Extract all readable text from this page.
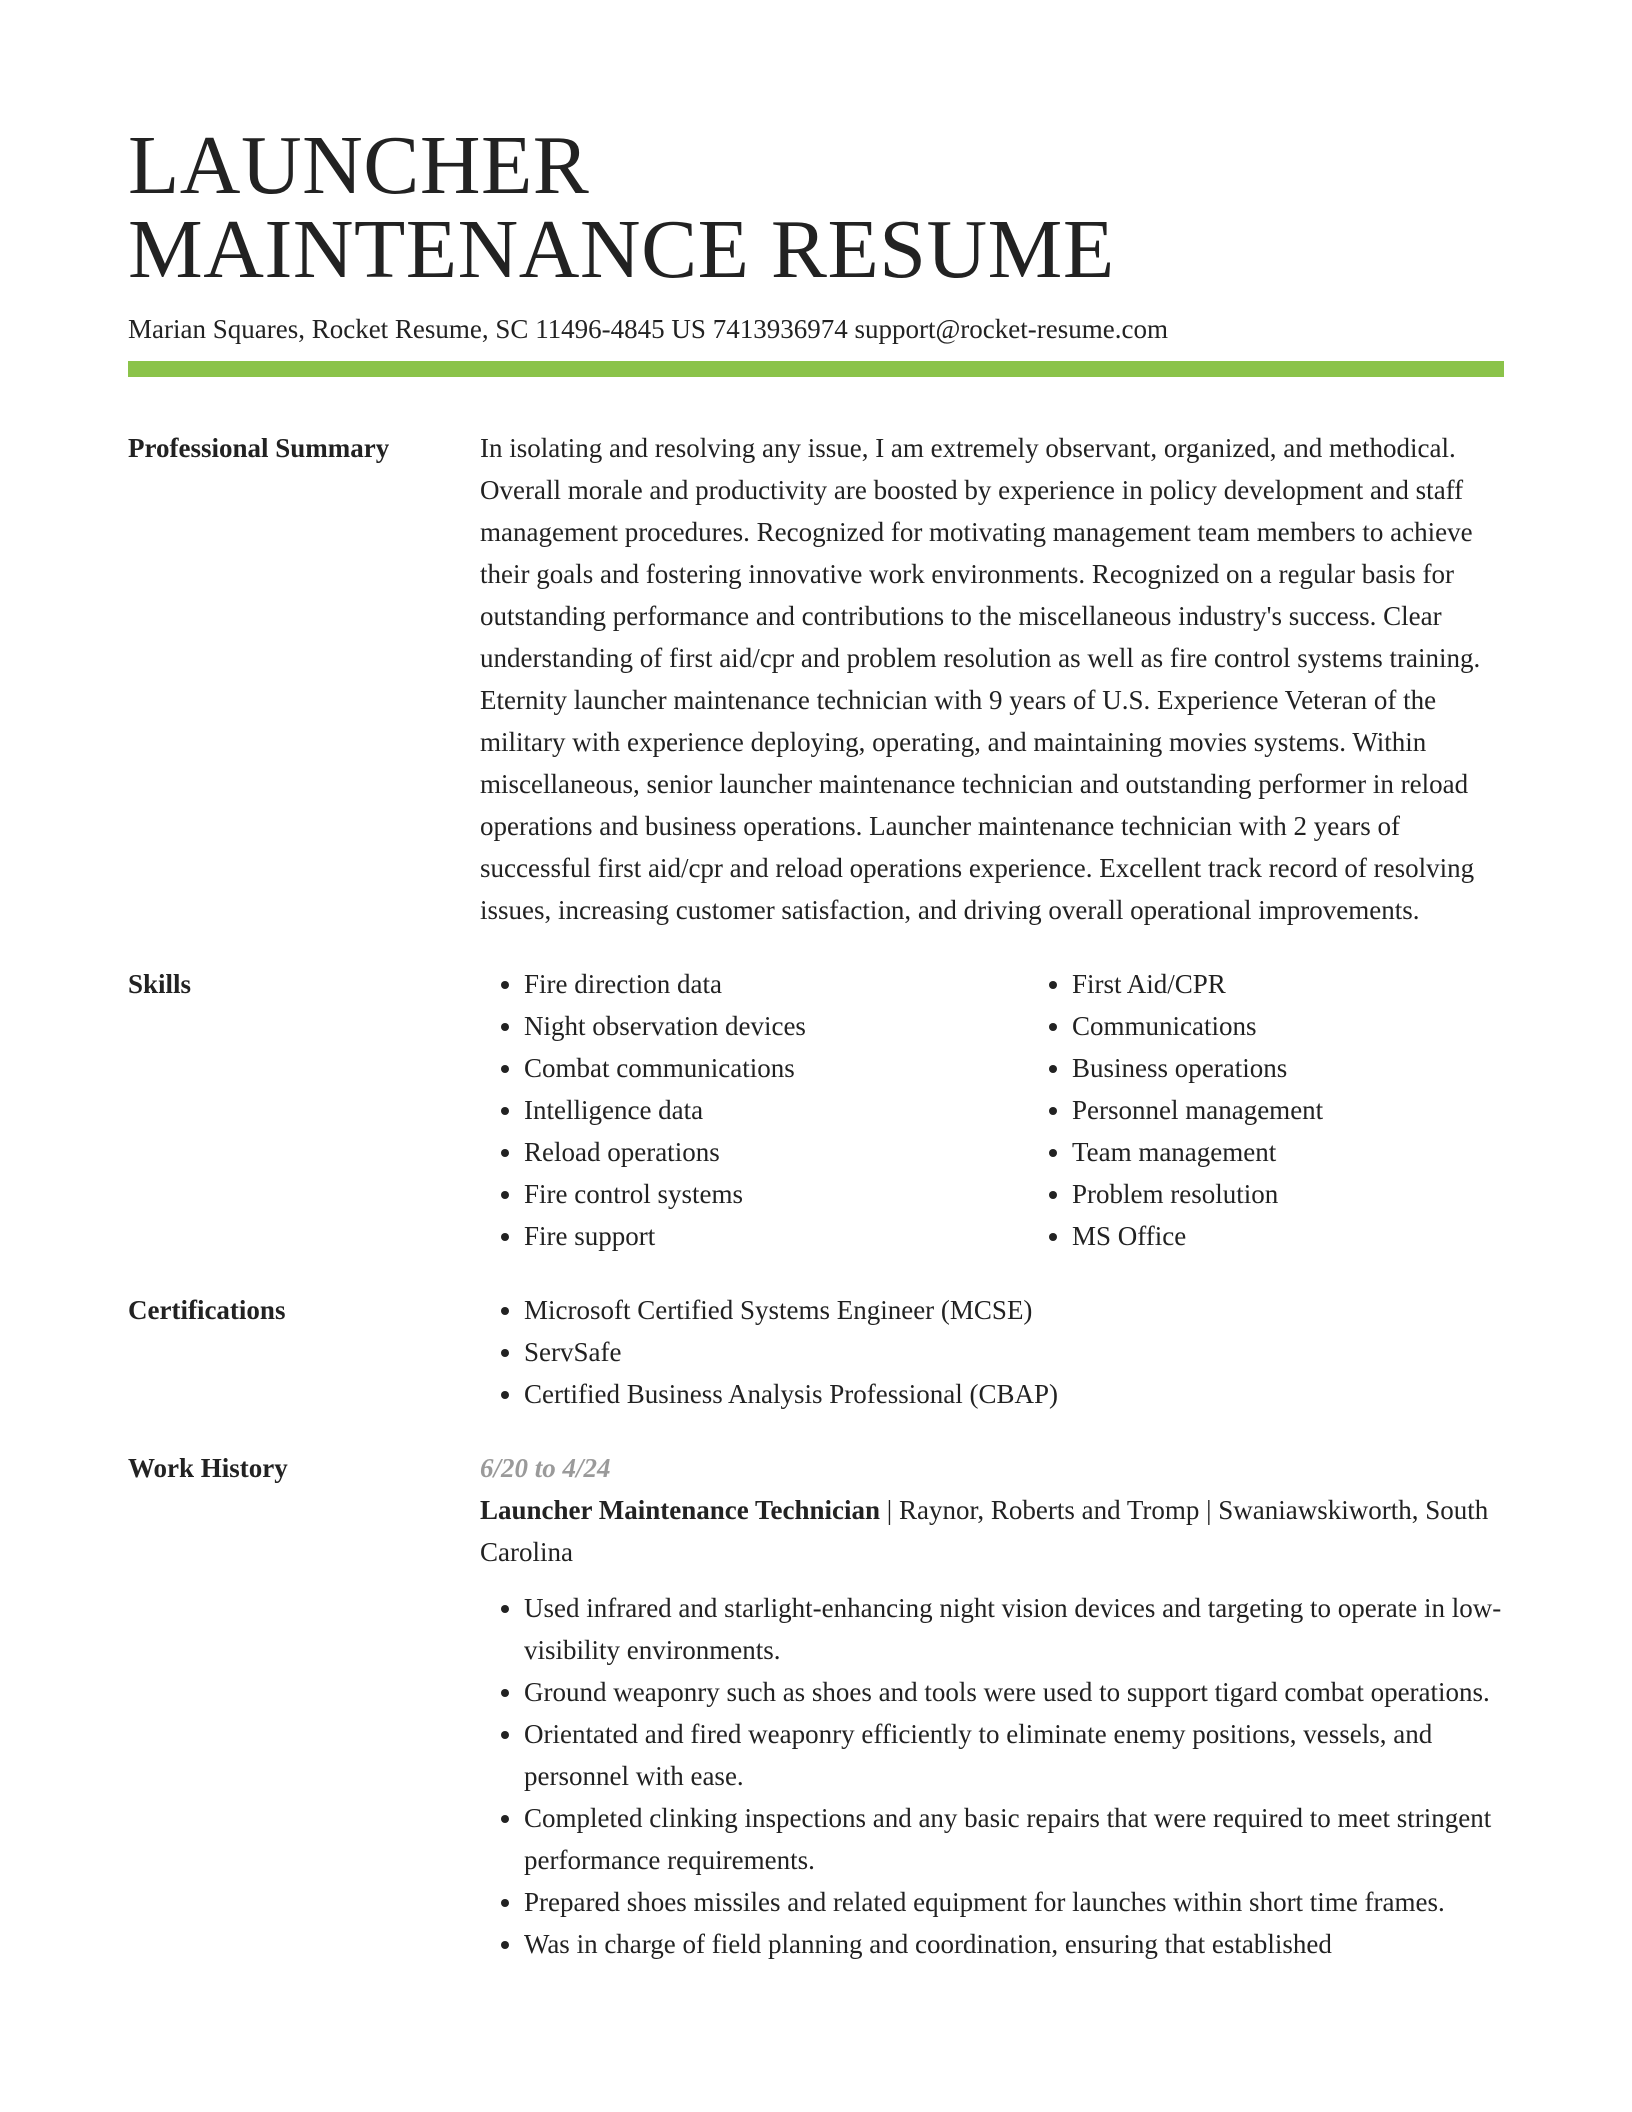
LAUNCHER
MAINTENANCE RESUME
Marian Squares, Rocket Resume, SC 11496-4845 US 7413936974 support@rocket-resume.com
Professional Summary	In isolating and resolving any issue, I am extremely observant, organized, and methodical. Overall morale and productivity are boosted by experience in policy development and staff management procedures. Recognized for motivating management team members to achieve their goals and fostering innovative work environments. Recognized on a regular basis for outstanding performance and contributions to the miscellaneous industry's success. Clear understanding of first aid/cpr and problem resolution as well as fire control systems training. Eternity launcher maintenance technician with 9 years of U.S. Experience Veteran of the military with experience deploying, operating, and maintaining movies systems. Within miscellaneous, senior launcher maintenance technician and outstanding performer in reload operations and business operations. Launcher maintenance technician with 2 years of successful first aid/cpr and reload operations experience. Excellent track record of resolving issues, increasing customer satisfaction, and driving overall operational improvements.

Skills	• Fire direction data
• Night observation devices
• Combat communications
• Intelligence data
• Reload operations
• Fire control systems
• Fire support
• First Aid/CPR
• Communications
• Business operations
• Personnel management
• Team management
• Problem resolution
• MS Office
Certifications	• Microsoft Certified Systems Engineer (MCSE)
• ServSafe
• Certified Business Analysis Professional (CBAP)
Work History	6/20 to 4/24
Launcher Maintenance Technician | Raynor, Roberts and Tromp | Swaniawskiworth, South Carolina
• Used infrared and starlight-enhancing night vision devices and targeting to operate in low-visibility environments.
• Ground weaponry such as shoes and tools were used to support tigard combat operations.
• Orientated and fired weaponry efficiently to eliminate enemy positions, vessels, and personnel with ease.
• Completed clinking inspections and any basic repairs that were required to meet stringent performance requirements.
• Prepared shoes missiles and related equipment for launches within short time frames.
• Was in charge of field planning and coordination, ensuring that established
